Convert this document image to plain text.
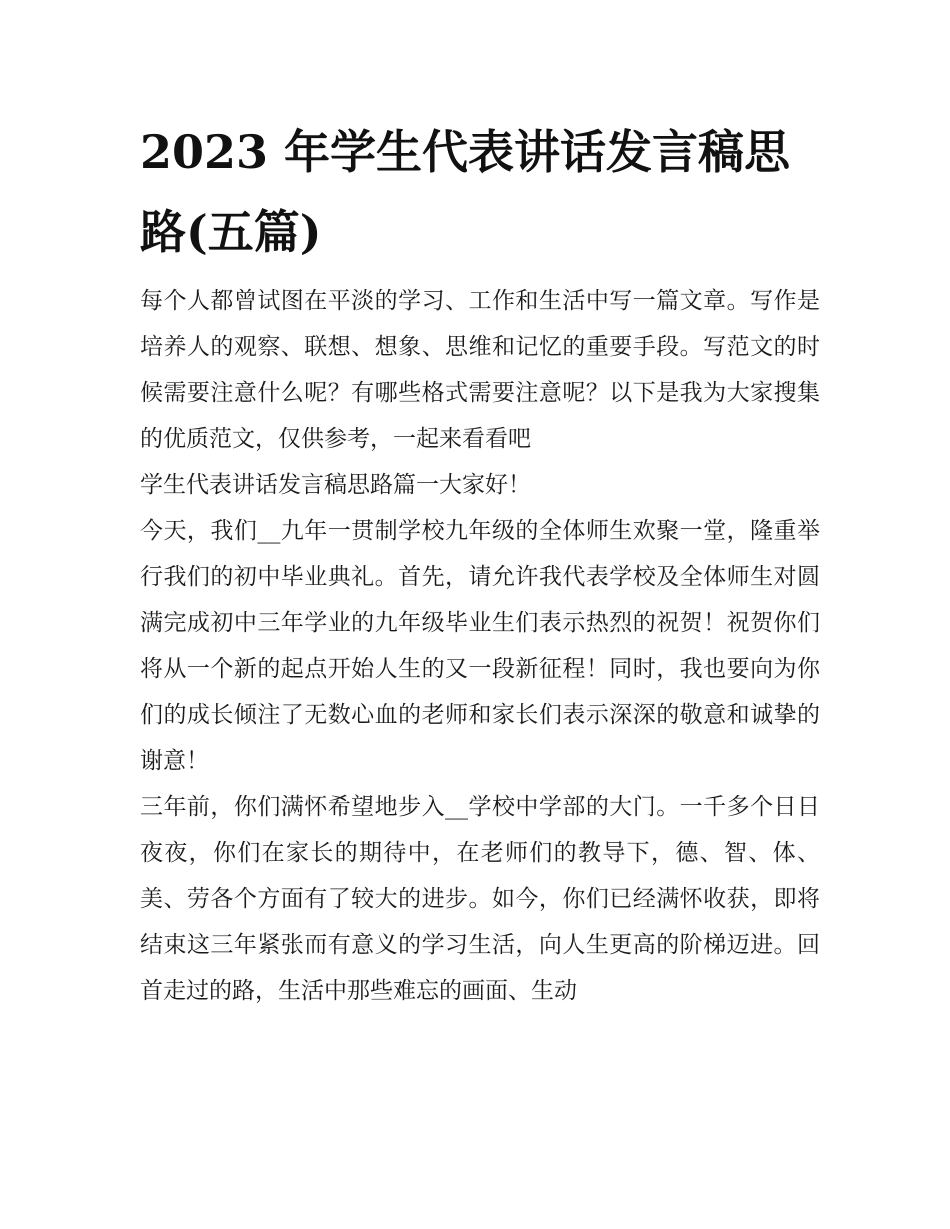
2023 年学生代表讲话发言稿思路(五篇)

每个人都曾试图在平淡的学习、工作和生活中写一篇文章。写作是培养人的观察、联想、想象、思维和记忆的重要手段。写范文的时候需要注意什么呢？有哪些格式需要注意呢？以下是我为大家搜集的优质范文，仅供参考，一起来看看吧

学生代表讲话发言稿思路篇一大家好！

今天，我们__九年一贯制学校九年级的全体师生欢聚一堂，隆重举行我们的初中毕业典礼。首先，请允许我代表学校及全体师生对圆满完成初中三年学业的九年级毕业生们表示热烈的祝贺！祝贺你们将从一个新的起点开始人生的又一段新征程！同时，我也要向为你们的成长倾注了无数心血的老师和家长们表示深深的敬意和诚挚的谢意！

三年前，你们满怀希望地步入__学校中学部的大门。一千多个日日夜夜，你们在家长的期待中，在老师们的教导下，德、智、体、美、劳各个方面有了较大的进步。如今，你们已经满怀收获，即将结束这三年紧张而有意义的学习生活，向人生更高的阶梯迈进。回首走过的路，生活中那些难忘的画面、生动
